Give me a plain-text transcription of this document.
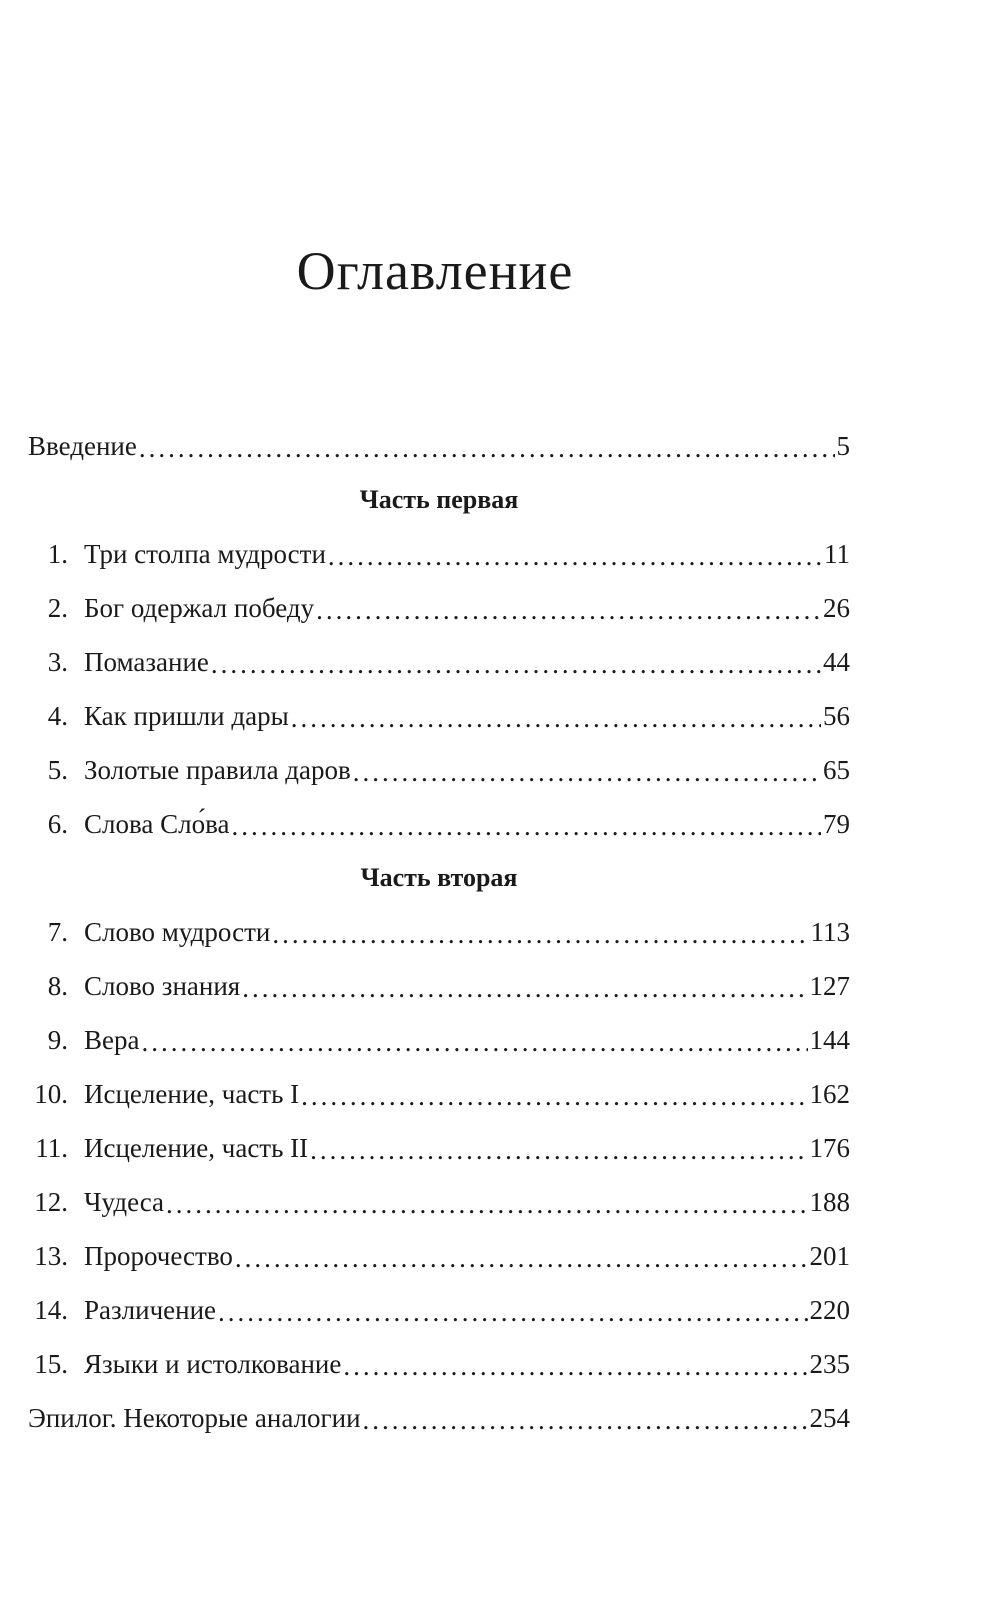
Оглавление
Введение .....	5
Часть первая
1. Три столпа мудрости .....	11
2. Бог одержал победу .....	26
3. Помазание .....	44
4. Как пришли дары .....	56
5. Золотые правила даров .....	65
6. Слова Сло́ва .....	79
Часть вторая
7. Слово мудрости .....	113
8. Слово знания .....	127
9. Вера .....	144
10. Исцеление, часть I .....	162
11. Исцеление, часть II .....	176
12. Чудеса .....	188
13. Пророчество .....	201
14. Различение .....	220
15. Языки и истолкование .....	235
Эпилог. Некоторые аналогии .....	254
